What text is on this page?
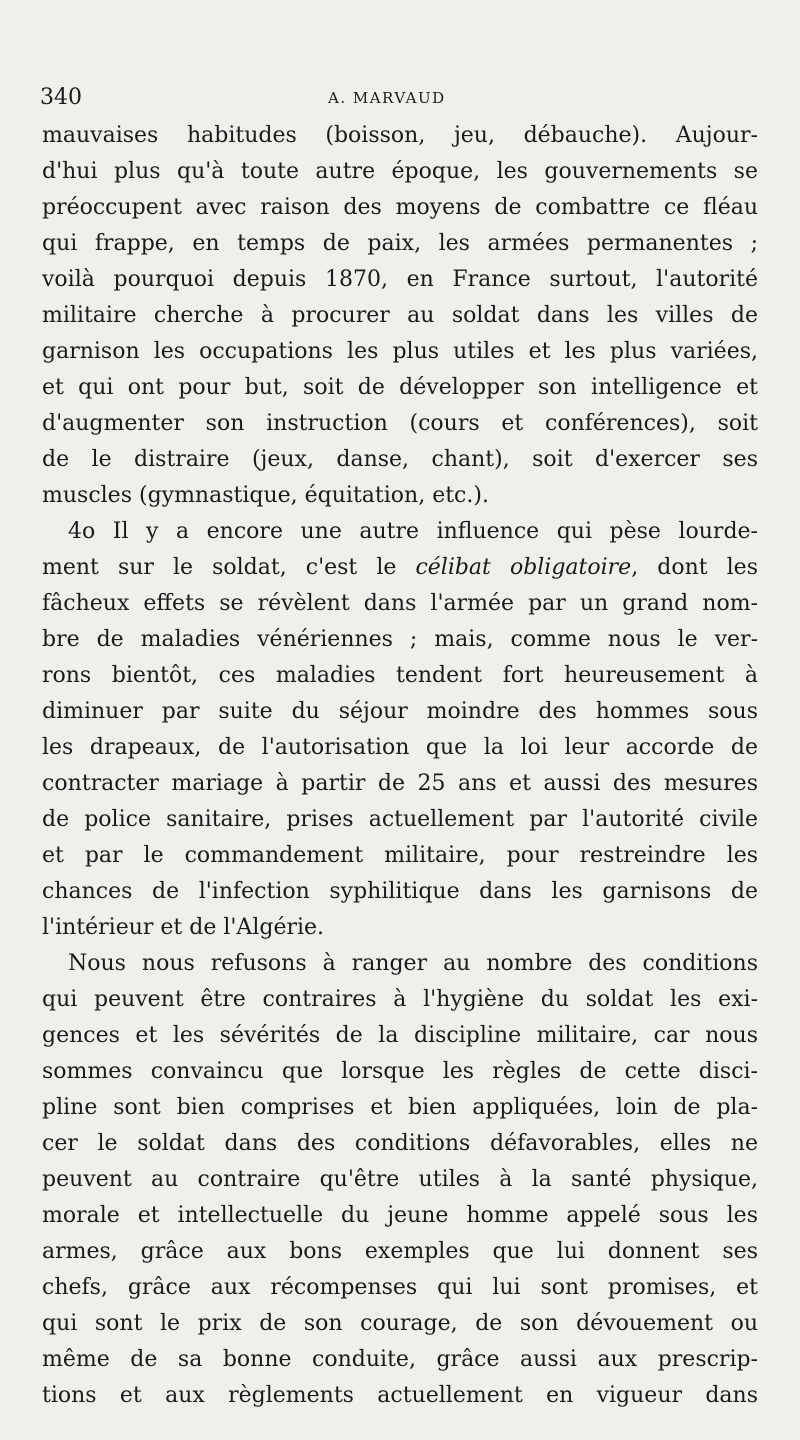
340	A. MARVAUD
mauvaises habitudes (boisson, jeu, débauche). Aujour-
d'hui plus qu'à toute autre époque, les gouvernements se
préoccupent avec raison des moyens de combattre ce fléau
qui frappe, en temps de paix, les armées permanentes ;
voilà pourquoi depuis 1870, en France surtout, l'autorité
militaire cherche à procurer au soldat dans les villes de
garnison les occupations les plus utiles et les plus variées,
et qui ont pour but, soit de développer son intelligence et
d'augmenter son instruction (cours et conférences), soit
de le distraire (jeux, danse, chant), soit d'exercer ses
muscles (gymnastique, équitation, etc.).
4o Il y a encore une autre influence qui pèse lourde-
ment sur le soldat, c'est le célibat obligatoire, dont les
fâcheux effets se révèlent dans l'armée par un grand nom-
bre de maladies vénériennes ; mais, comme nous le ver-
rons bientôt, ces maladies tendent fort heureusement à
diminuer par suite du séjour moindre des hommes sous
les drapeaux, de l'autorisation que la loi leur accorde de
contracter mariage à partir de 25 ans et aussi des mesures
de police sanitaire, prises actuellement par l'autorité civile
et par le commandement militaire, pour restreindre les
chances de l'infection syphilitique dans les garnisons de
l'intérieur et de l'Algérie.
Nous nous refusons à ranger au nombre des conditions
qui peuvent être contraires à l'hygiène du soldat les exi-
gences et les sévérités de la discipline militaire, car nous
sommes convaincu que lorsque les règles de cette disci-
pline sont bien comprises et bien appliquées, loin de pla-
cer le soldat dans des conditions défavorables, elles ne
peuvent au contraire qu'être utiles à la santé physique,
morale et intellectuelle du jeune homme appelé sous les
armes, grâce aux bons exemples que lui donnent ses
chefs, grâce aux récompenses qui lui sont promises, et
qui sont le prix de son courage, de son dévouement ou
même de sa bonne conduite, grâce aussi aux prescrip-
tions et aux règlements actuellement en vigueur dans
